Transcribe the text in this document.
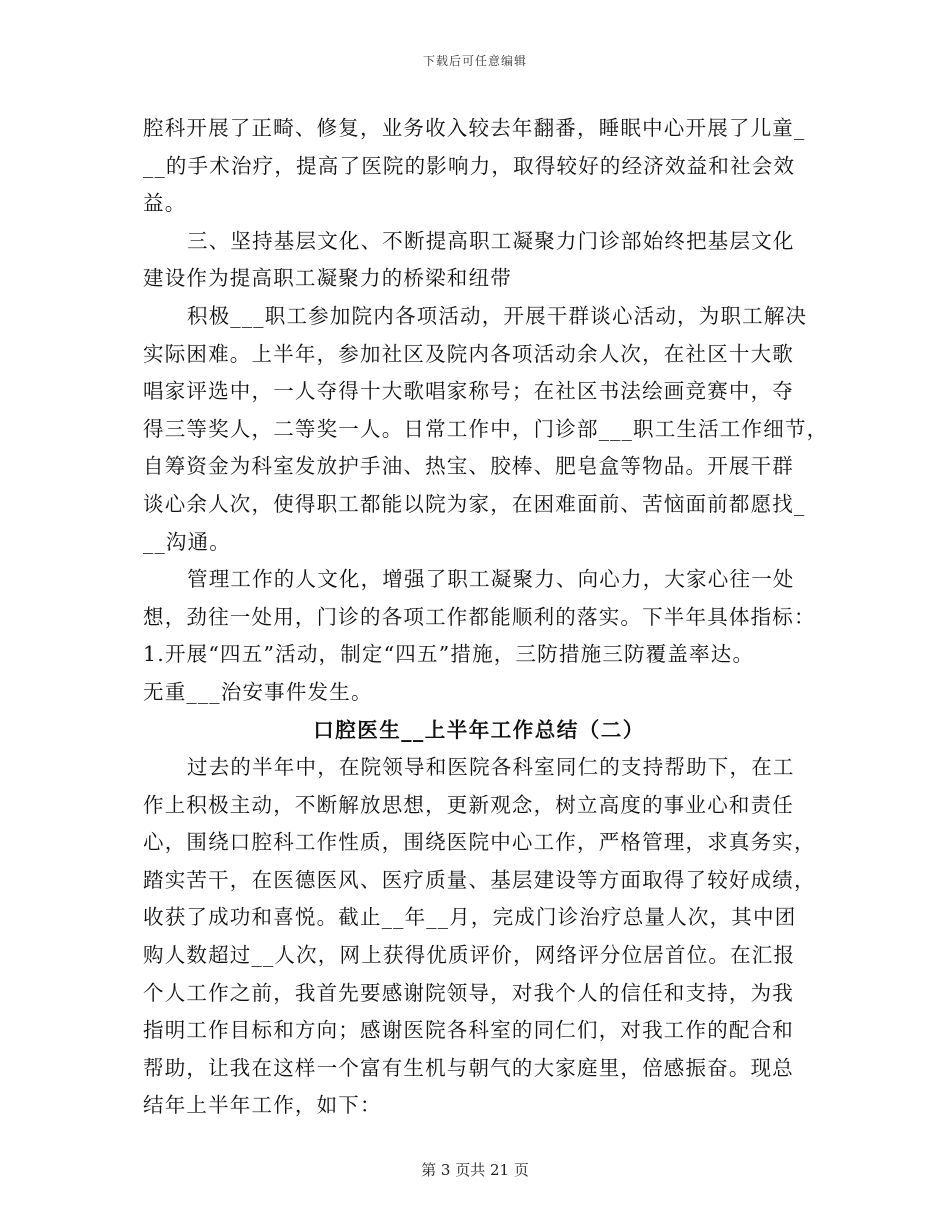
下载后可任意编辑
腔科开展了正畸、修复，业务收入较去年翻番，睡眠中心开展了儿童_
__的手术治疗，提高了医院的影响力，取得较好的经济效益和社会效
益。
三、坚持基层文化、不断提高职工凝聚力门诊部始终把基层文化
建设作为提高职工凝聚力的桥梁和纽带
积极___职工参加院内各项活动，开展干群谈心活动，为职工解决
实际困难。上半年，参加社区及院内各项活动余人次，在社区十大歌
唱家评选中，一人夺得十大歌唱家称号；在社区书法绘画竞赛中，夺
得三等奖人，二等奖一人。日常工作中，门诊部___职工生活工作细节，
自筹资金为科室发放护手油、热宝、胶棒、肥皂盒等物品。开展干群
谈心余人次，使得职工都能以院为家，在困难面前、苦恼面前都愿找_
__沟通。
管理工作的人文化，增强了职工凝聚力、向心力，大家心往一处
想，劲往一处用，门诊的各项工作都能顺利的落实。下半年具体指标：
1.开展“四五”活动，制定“四五”措施，三防措施三防覆盖率达。
无重___治安事件发生。
口腔医生__上半年工作总结（二）
过去的半年中，在院领导和医院各科室同仁的支持帮助下，在工
作上积极主动，不断解放思想，更新观念，树立高度的事业心和责任
心，围绕口腔科工作性质，围绕医院中心工作，严格管理，求真务实，
踏实苦干，在医德医风、医疗质量、基层建设等方面取得了较好成绩，
收获了成功和喜悦。截止__年__月，完成门诊治疗总量人次，其中团
购人数超过__人次，网上获得优质评价，网络评分位居首位。在汇报
个人工作之前，我首先要感谢院领导，对我个人的信任和支持，为我
指明工作目标和方向；感谢医院各科室的同仁们，对我工作的配合和
帮助，让我在这样一个富有生机与朝气的大家庭里，倍感振奋。现总
结年上半年工作，如下：
第 3 页共 21 页
